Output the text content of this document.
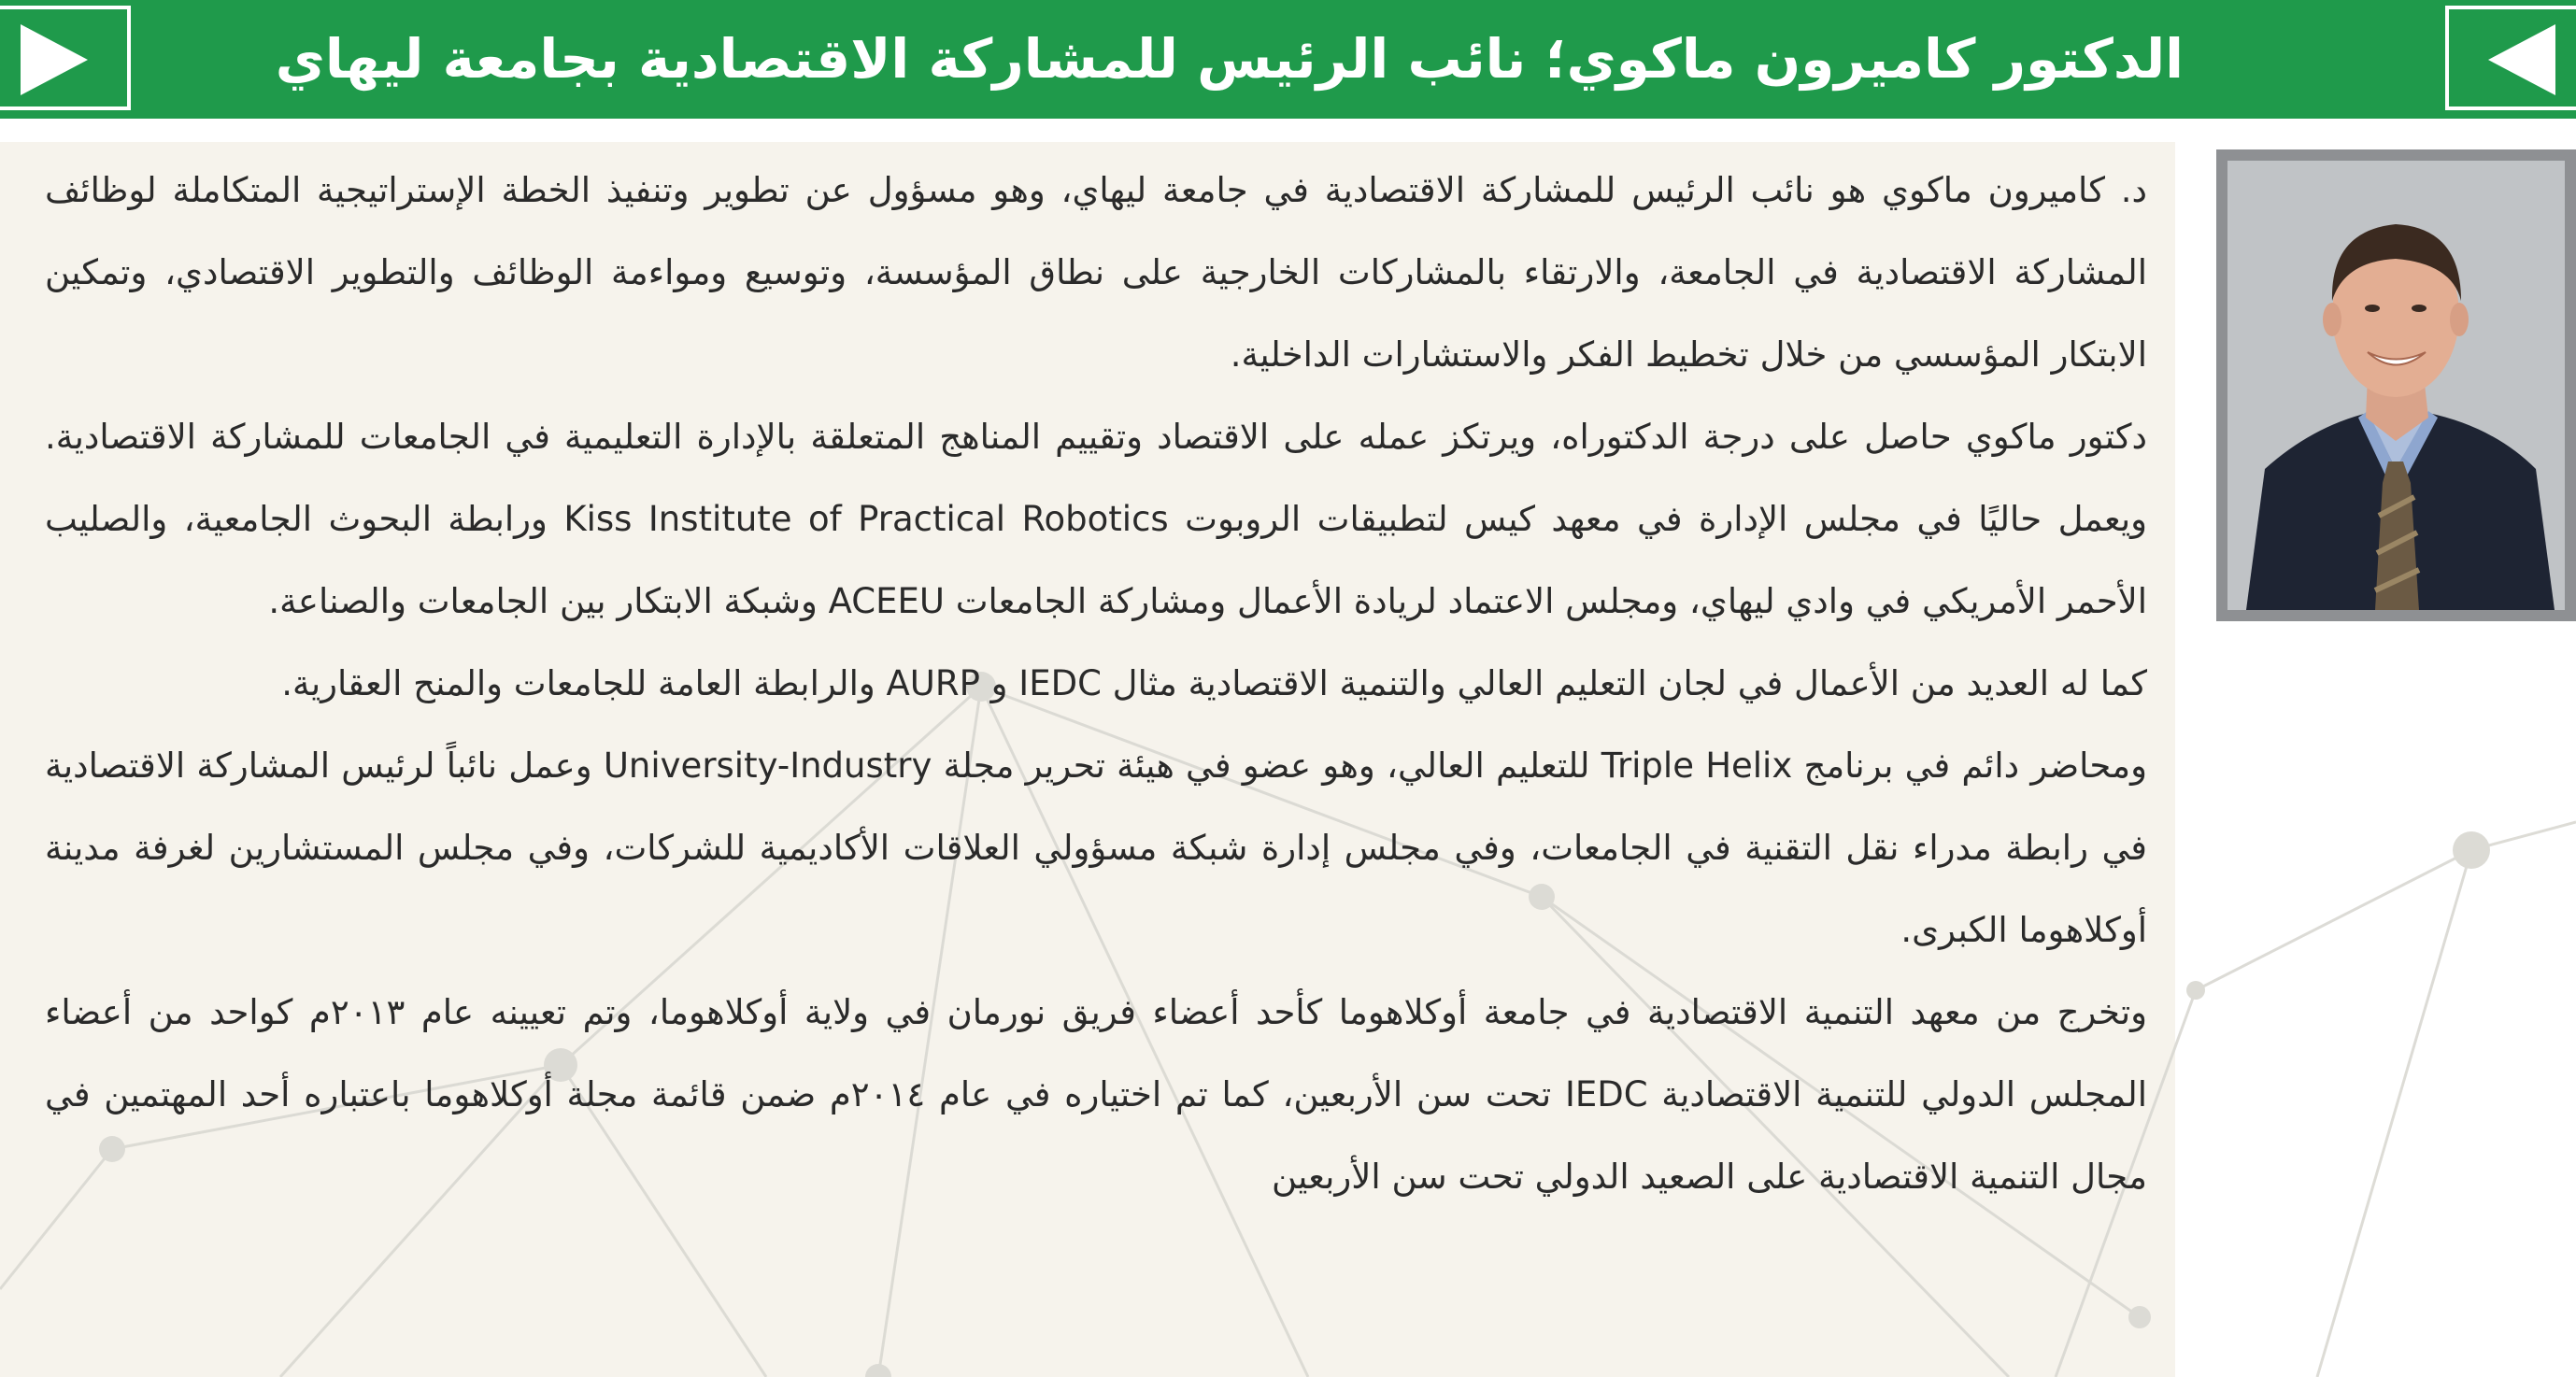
الدكتور كاميرون ماكوي؛ نائب الرئيس للمشاركة الاقتصادية بجامعة ليهاي

د. كاميرون ماكوي هو نائب الرئيس للمشاركة الاقتصادية في جامعة ليهاي، وهو مسؤول عن تطوير وتنفيذ الخطة الإستراتيجية المتكاملة لوظائف المشاركة الاقتصادية في الجامعة، والارتقاء بالمشاركات الخارجية على نطاق المؤسسة، وتوسيع ومواءمة الوظائف والتطوير الاقتصادي، وتمكين الابتكار المؤسسي من خلال تخطيط الفكر والاستشارات الداخلية.

دكتور ماكوي حاصل على درجة الدكتوراه، ويرتكز عمله على الاقتصاد وتقييم المناهج المتعلقة بالإدارة التعليمية في الجامعات للمشاركة الاقتصادية. ويعمل حاليًا في مجلس الإدارة في معهد كيس لتطبيقات الروبوت Kiss Institute of Practical Robotics ورابطة البحوث الجامعية، والصليب الأحمر الأمريكي في وادي ليهاي، ومجلس الاعتماد لريادة الأعمال ومشاركة الجامعات ACEEU وشبكة الابتكار بين الجامعات والصناعة.

كما له العديد من الأعمال في لجان التعليم العالي والتنمية الاقتصادية مثال IEDC و AURP والرابطة العامة للجامعات والمنح العقارية.

ومحاضر دائم في برنامج Triple Helix للتعليم العالي، وهو عضو في هيئة تحرير مجلة University-Industry وعمل نائباً لرئيس المشاركة الاقتصادية في رابطة مدراء نقل التقنية في الجامعات، وفي مجلس إدارة شبكة مسؤولي العلاقات الأكاديمية للشركات، وفي مجلس المستشارين لغرفة مدينة أوكلاهوما الكبرى.

وتخرج من معهد التنمية الاقتصادية في جامعة أوكلاهوما كأحد أعضاء فريق نورمان في ولاية أوكلاهوما، وتم تعيينه عام ٢٠١٣م كواحد من أعضاء المجلس الدولي للتنمية الاقتصادية IEDC تحت سن الأربعين، كما تم اختياره في عام ٢٠١٤م ضمن قائمة مجلة أوكلاهوما باعتباره أحد المهتمين في مجال التنمية الاقتصادية على الصعيد الدولي تحت سن الأربعين
